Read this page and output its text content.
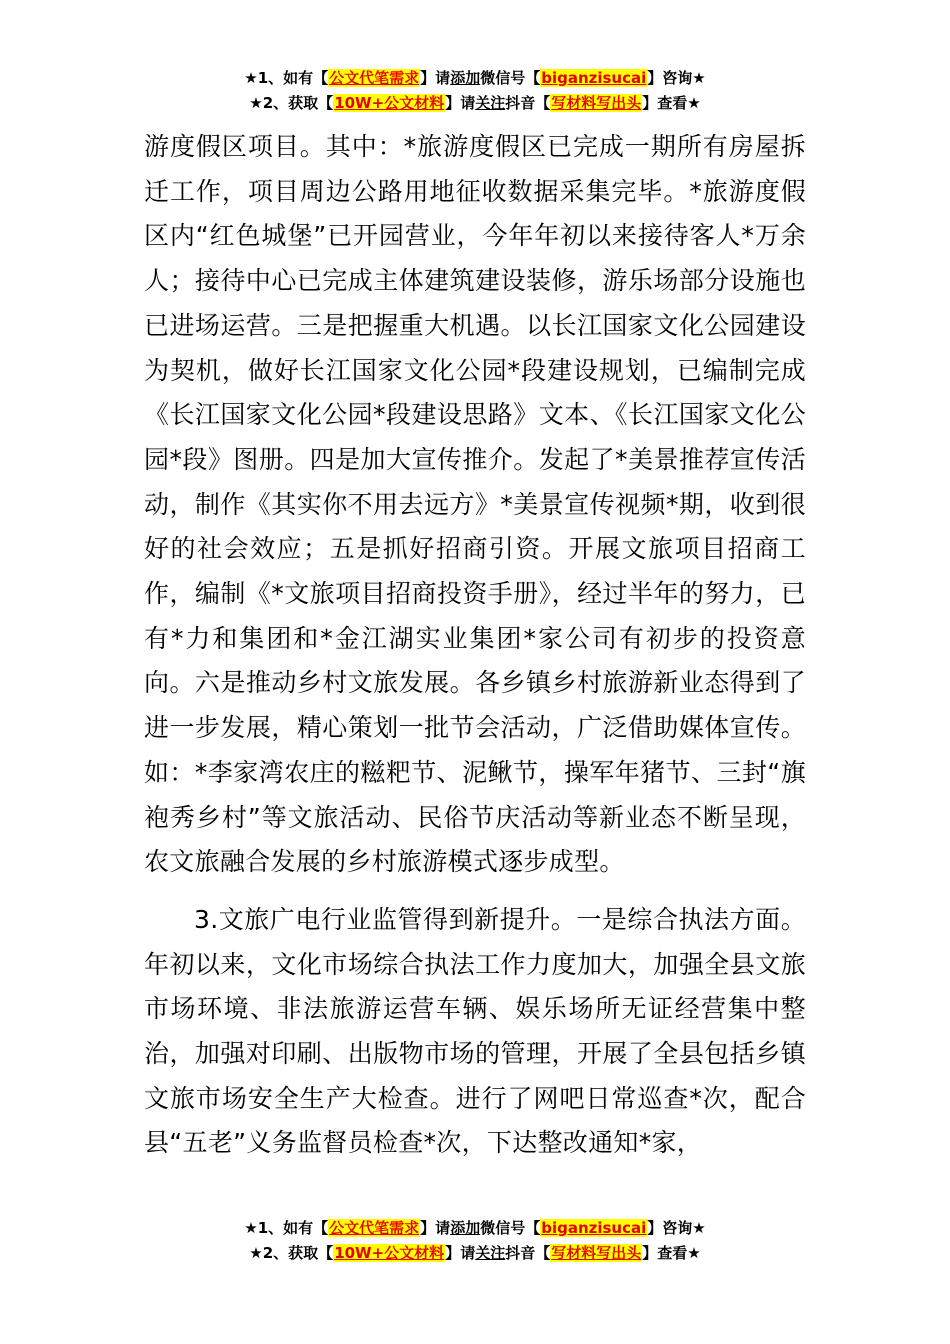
★1、如有【公文代笔需求】请添加微信号【biganzisucai】咨询★
★2、获取【10W+公文材料】请关注抖音【写材料写出头】查看★

游度假区项目。其中：*旅游度假区已完成一期所有房屋拆迁工作，项目周边公路用地征收数据采集完毕。*旅游度假区内“红色城堡”已开园营业，今年年初以来接待客人*万余人；接待中心已完成主体建筑建设装修，游乐场部分设施也已进场运营。三是把握重大机遇。以长江国家文化公园建设为契机，做好长江国家文化公园*段建设规划，已编制完成《长江国家文化公园*段建设思路》文本、《长江国家文化公园*段》图册。四是加大宣传推介。发起了*美景推荐宣传活动，制作《其实你不用去远方》*美景宣传视频*期，收到很好的社会效应；五是抓好招商引资。开展文旅项目招商工作，编制《*文旅项目招商投资手册》，经过半年的努力，已有*力和集团和*金江湖实业集团*家公司有初步的投资意向。六是推动乡村文旅发展。各乡镇乡村旅游新业态得到了进一步发展，精心策划一批节会活动，广泛借助媒体宣传。如：*李家湾农庄的糍粑节、泥鳅节，操军年猪节、三封“旗袍秀乡村”等文旅活动、民俗节庆活动等新业态不断呈现，农文旅融合发展的乡村旅游模式逐步成型。

3.文旅广电行业监管得到新提升。一是综合执法方面。年初以来，文化市场综合执法工作力度加大，加强全县文旅市场环境、非法旅游运营车辆、娱乐场所无证经营集中整治，加强对印刷、出版物市场的管理，开展了全县包括乡镇文旅市场安全生产大检查。进行了网吧日常巡查*次，配合县“五老”义务监督员检查*次，下达整改通知*家，

★1、如有【公文代笔需求】请添加微信号【biganzisucai】咨询★
★2、获取【10W+公文材料】请关注抖音【写材料写出头】查看★
